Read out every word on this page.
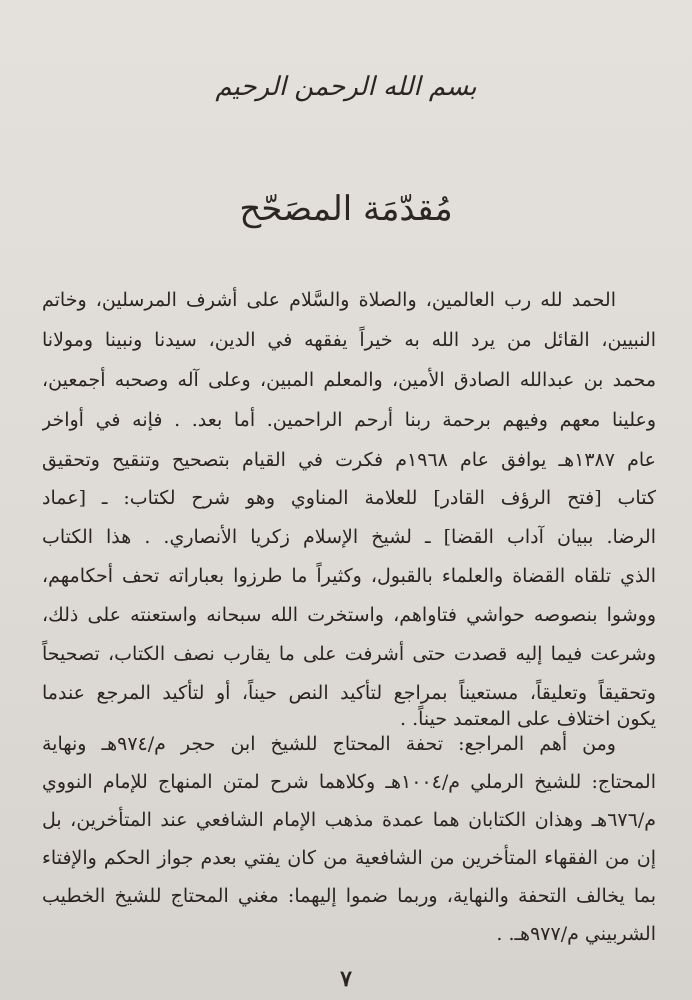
بسم الله الرحمن الرحيم
مُقدّمَة المصَحّح
الحمد لله رب العالمين، والصلاة والسَّلام على أشرف المرسلين، وخاتم
النبيين، القائل من يرد الله به خيراً يفقهه في الدين، سيدنا ونبينا ومولانا
محمد بن عبدالله الصادق الأمين، والمعلم المبين، وعلى آله وصحبه أجمعين،
وعلينا معهم وفيهم برحمة ربنا أرحم الراحمين. أما بعد. . فإنه في أواخر
عام ١٣٨٧هـ يوافق عام ١٩٦٨م فكرت في القيام بتصحيح وتنقيح وتحقيق
كتاب [فتح الرؤف القادر] للعلامة المناوي وهو شرح لكتاب: ـ [عماد
الرضا. ببيان آداب القضا] ـ لشيخ الإسلام زكريا الأنصاري. . هذا الكتاب
الذي تلقاه القضاة والعلماء بالقبول، وكثيراً ما طرزوا بعباراته تحف أحكامهم،
ووشوا بنصوصه حواشي فتاواهم، واستخرت الله سبحانه واستعنته على ذلك،
وشرعت فيما إليه قصدت حتى أشرفت على ما يقارب نصف الكتاب، تصحيحاً
وتحقيقاً وتعليقاً، مستعيناً بمراجع لتأكيد النص حيناً، أو لتأكيد المرجع عندما
يكون اختلاف على المعتمد حيناً. .
ومن أهم المراجع: تحفة المحتاج للشيخ ابن حجر م/٩٧٤هـ ونهاية
المحتاج: للشيخ الرملي م/١٠٠٤هـ وكلاهما شرح لمتن المنهاج للإمام النووي
م/٦٧٦هـ وهذان الكتابان هما عمدة مذهب الإمام الشافعي عند المتأخرين، بل
إن من الفقهاء المتأخرين من الشافعية من كان يفتي بعدم جواز الحكم والإفتاء
بما يخالف التحفة والنهاية، وربما ضموا إليهما: مغني المحتاج للشيخ الخطيب
الشربيني م/٩٧٧هـ. .
٧
